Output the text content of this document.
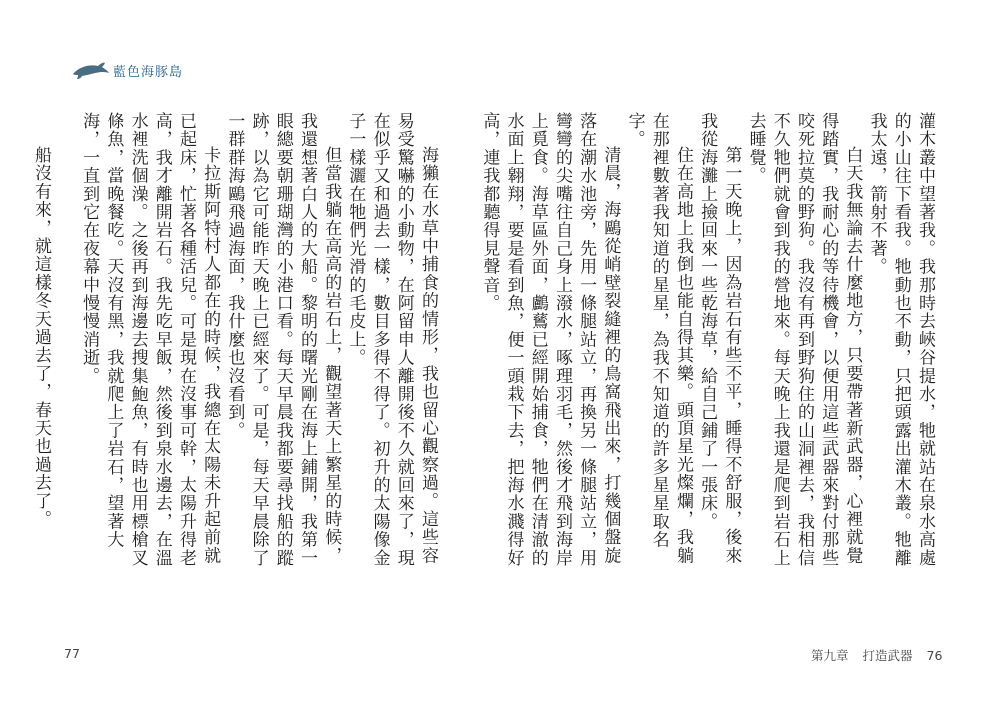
藍色海豚島

灌木叢中望著我。我那時去峽谷提水，牠就站在泉水高處的小山往下看我。牠動也不動，只把頭露出灌木叢。牠離我太遠，箭射不著。

白天我無論去什麼地方，只要帶著新武器，心裡就覺得踏實，我耐心的等待機會，以便用這些武器來對付那些咬死拉莫的野狗。我沒有再到野狗住的山洞裡去，我相信不久牠們就會到我的營地來。每天晚上我還是爬到岩石上去睡覺。

第一天晚上，因為岩石有些不平，睡得不舒服，後來我從海灘上撿回來一些乾海草，給自己鋪了一張床。

住在高地上我倒也能自得其樂。頭頂星光燦爛，我躺在那裡數著我知道的星星，為我不知道的許多星星取名字。

清晨，海鷗從峭壁裂縫裡的鳥窩飛出來，打幾個盤旋落在潮水池旁，先用一條腿站立，再換另一條腿站立，用彎彎的尖嘴往自己身上潑水，啄理羽毛，然後才飛到海岸上覓食。海草區外面，鸕鶿已經開始捕食，牠們在清澈的水面上翱翔，要是看到魚，便一頭栽下去，把海水濺得好高，連我都聽得見聲音。

海獺在水草中捕食的情形，我也留心觀察過。這些容易受驚嚇的小動物，在阿留申人離開後不久就回來了，現在似乎又和過去一樣，數目多得不得了。初升的太陽像金子一樣灑在牠們光滑的毛皮上。

但當我躺在高高的岩石上，觀望著天上繁星的時候，我還想著白人的大船。黎明的曙光剛在海上鋪開，我第一眼總要朝珊瑚灣的小港口看。每天早晨我都要尋找船的蹤跡，以為它可能昨天晚上已經來了。可是，每天早晨除了一群群海鷗飛過海面，我什麼也沒看到。

卡拉斯阿特村人都在的時候，我總在太陽未升起前就已起床，忙著各種活兒。可是現在沒事可幹，太陽升得老高，我才離開岩石。我先吃早飯，然後到泉水邊去，在溫水裡洗個澡。之後再到海邊去搜集鮑魚，有時也用標槍叉條魚，當晚餐吃。天沒有黑，我就爬上了岩石，望著大海，一直到它在夜幕中慢慢消逝。

船沒有來，就這樣冬天過去了，春天也過去了。

77	第九章 打造武器 76
